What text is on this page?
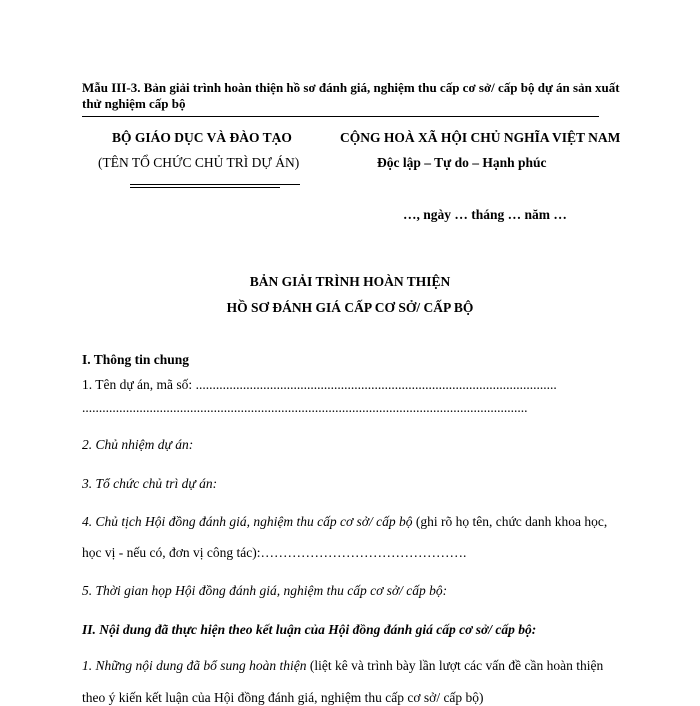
Mẫu III-3. Bản giải trình hoàn thiện hồ sơ đánh giá, nghiệm thu cấp cơ sở/ cấp bộ dự án sản xuất thử nghiệm cấp bộ
BỘ GIÁO DỤC VÀ ĐÀO TẠO
(TÊN TỔ CHỨC CHỦ TRÌ DỰ ÁN)
CỘNG HOÀ XÃ HỘI CHỦ NGHĨA VIỆT NAM
Độc lập – Tự do – Hạnh phúc
…, ngày … tháng … năm …
BẢN GIẢI TRÌNH HOÀN THIỆN
HỒ SƠ ĐÁNH GIÁ CẤP CƠ SỞ/ CẤP BỘ
I. Thông tin chung
1. Tên dự án, mã số: ...........................................................................................................
....................................................................................................................................
2. Chủ nhiệm dự án:
3. Tổ chức chủ trì dự án:
4. Chủ tịch Hội đồng đánh giá, nghiệm thu cấp cơ sở/ cấp bộ (ghi rõ họ tên, chức danh khoa học,
học vị - nếu có, đơn vị công tác):……………………………………….
5. Thời gian họp Hội đồng đánh giá, nghiệm thu cấp cơ sở/ cấp bộ:
II. Nội dung đã thực hiện theo kết luận của Hội đồng đánh giá cấp cơ sở/ cấp bộ:
1. Những nội dung đã bổ sung hoàn thiện (liệt kê và trình bày lần lượt các vấn đề cần hoàn thiện
theo ý kiến kết luận của Hội đồng đánh giá, nghiệm thu cấp cơ sở/ cấp bộ)
